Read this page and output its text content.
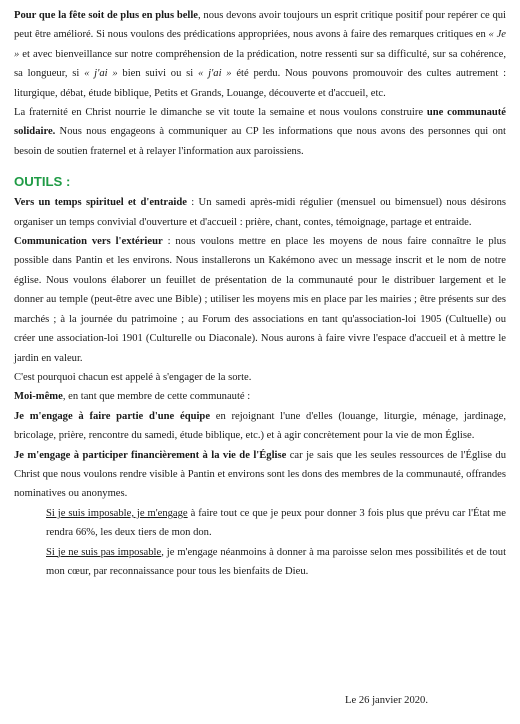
Pour que la fête soit de plus en plus belle, nous devons avoir toujours un esprit critique positif pour repérer ce qui peut être amélioré. Si nous voulons des prédications appropriées, nous avons à faire des remarques critiques en « Je » et avec bienveillance sur notre compréhension de la prédication, notre ressenti sur sa difficulté, sur sa cohérence, sa longueur, si « j'ai » bien suivi ou si « j'ai » été perdu. Nous pouvons promouvoir des cultes autrement : liturgique, débat, étude biblique, Petits et Grands, Louange, découverte et d'accueil, etc.

La fraternité en Christ nourrie le dimanche se vit toute la semaine et nous voulons construire une communauté solidaire. Nous nous engageons à communiquer au CP les informations que nous avons des personnes qui ont besoin de soutien fraternel et à relayer l'information aux paroissiens.

OUTILS :

Vers un temps spirituel et d'entraide : Un samedi après-midi régulier (mensuel ou bimensuel) nous désirons organiser un temps convivial d'ouverture et d'accueil : prière, chant, contes, témoignage, partage et entraide.

Communication vers l'extérieur : nous voulons mettre en place les moyens de nous faire connaître le plus possible dans Pantin et les environs. Nous installerons un Kakémono avec un message inscrit et le nom de notre église. Nous voulons élaborer un feuillet de présentation de la communauté pour le distribuer largement et le donner au temple (peut-être avec une Bible) ; utiliser les moyens mis en place par les mairies ; être présents sur des marchés ; à la journée du patrimoine ; au Forum des associations en tant qu'association-loi 1905 (Cultuelle) ou créer une association-loi 1901 (Culturelle ou Diaconale). Nous aurons à faire vivre l'espace d'accueil et à mettre le jardin en valeur.

C'est pourquoi chacun est appelé à s'engager de la sorte.

Moi-même, en tant que membre de cette communauté :

Je m'engage à faire partie d'une équipe en rejoignant l'une d'elles (louange, liturgie, ménage, jardinage, bricolage, prière, rencontre du samedi, étude biblique, etc.) et à agir concrètement pour la vie de mon Église.

Je m'engage à participer financièrement à la vie de l'Église car je sais que les seules ressources de l'Église du Christ que nous voulons rendre visible à Pantin et environs sont les dons des membres de la communauté, offrandes nominatives ou anonymes.

Si je suis imposable, je m'engage à faire tout ce que je peux pour donner 3 fois plus que prévu car l'État me rendra 66%, les deux tiers de mon don.

Si je ne suis pas imposable, je m'engage néanmoins à donner à ma paroisse selon mes possibilités et de tout mon cœur, par reconnaissance pour tous les bienfaits de Dieu.

Le 26 janvier 2020.
